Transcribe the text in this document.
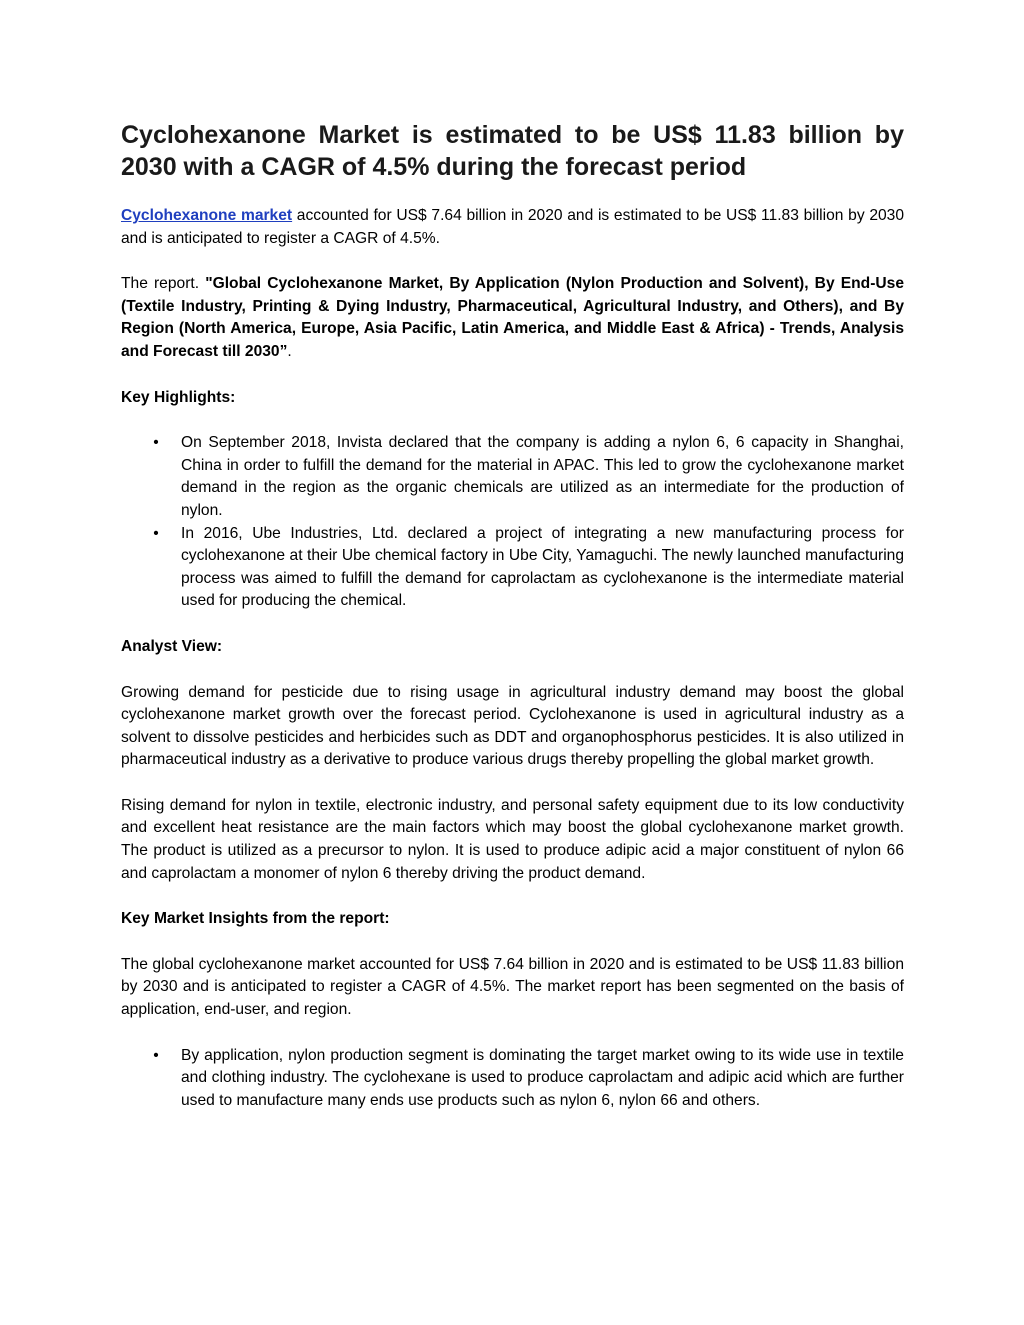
Cyclohexanone Market is estimated to be US$ 11.83 billion by 2030 with a CAGR of 4.5% during the forecast period

Cyclohexanone market accounted for US$ 7.64 billion in 2020 and is estimated to be US$ 11.83 billion by 2030 and is anticipated to register a CAGR of 4.5%.

The report. "Global Cyclohexanone Market, By Application (Nylon Production and Solvent), By End-Use (Textile Industry, Printing & Dying Industry, Pharmaceutical, Agricultural Industry, and Others), and By Region (North America, Europe, Asia Pacific, Latin America, and Middle East & Africa) - Trends, Analysis and Forecast till 2030”.

Key Highlights:

• On September 2018, Invista declared that the company is adding a nylon 6, 6 capacity in Shanghai, China in order to fulfill the demand for the material in APAC. This led to grow the cyclohexanone market demand in the region as the organic chemicals are utilized as an intermediate for the production of nylon.
• In 2016, Ube Industries, Ltd. declared a project of integrating a new manufacturing process for cyclohexanone at their Ube chemical factory in Ube City, Yamaguchi. The newly launched manufacturing process was aimed to fulfill the demand for caprolactam as cyclohexanone is the intermediate material used for producing the chemical.

Analyst View:

Growing demand for pesticide due to rising usage in agricultural industry demand may boost the global cyclohexanone market growth over the forecast period. Cyclohexanone is used in agricultural industry as a solvent to dissolve pesticides and herbicides such as DDT and organophosphorus pesticides. It is also utilized in pharmaceutical industry as a derivative to produce various drugs thereby propelling the global market growth.

Rising demand for nylon in textile, electronic industry, and personal safety equipment due to its low conductivity and excellent heat resistance are the main factors which may boost the global cyclohexanone market growth. The product is utilized as a precursor to nylon. It is used to produce adipic acid a major constituent of nylon 66 and caprolactam a monomer of nylon 6 thereby driving the product demand.

Key Market Insights from the report:

The global cyclohexanone market accounted for US$ 7.64 billion in 2020 and is estimated to be US$ 11.83 billion by 2030 and is anticipated to register a CAGR of 4.5%. The market report has been segmented on the basis of application, end-user, and region.

• By application, nylon production segment is dominating the target market owing to its wide use in textile and clothing industry. The cyclohexane is used to produce caprolactam and adipic acid which are further used to manufacture many ends use products such as nylon 6, nylon 66 and others.
